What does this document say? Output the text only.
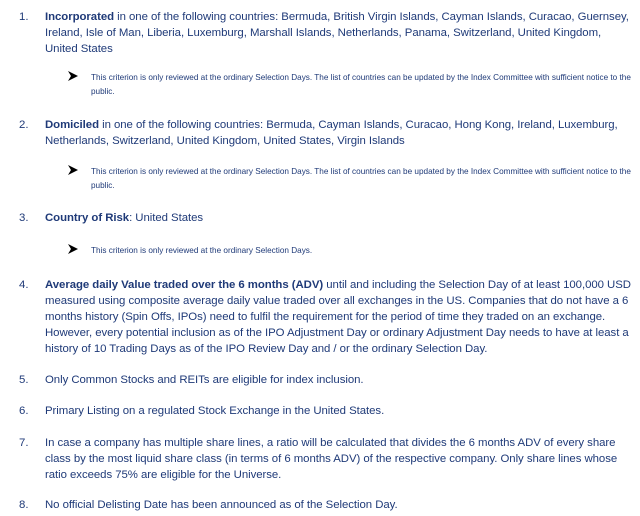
1. Incorporated in one of the following countries: Bermuda, British Virgin Islands, Cayman Islands, Curacao, Guernsey, Ireland, Isle of Man, Liberia, Luxemburg, Marshall Islands, Netherlands, Panama, Switzerland, United Kingdom, United States
This criterion is only reviewed at the ordinary Selection Days. The list of countries can be updated by the Index Committee with sufficient notice to the public.
2. Domiciled in one of the following countries: Bermuda, Cayman Islands, Curacao, Hong Kong, Ireland, Luxemburg, Netherlands, Switzerland, United Kingdom, United States, Virgin Islands
This criterion is only reviewed at the ordinary Selection Days. The list of countries can be updated by the Index Committee with sufficient notice to the public.
3. Country of Risk: United States
This criterion is only reviewed at the ordinary Selection Days.
4. Average daily Value traded over the 6 months (ADV) until and including the Selection Day of at least 100,000 USD measured using composite average daily value traded over all exchanges in the US. Companies that do not have a 6 months history (Spin Offs, IPOs) need to fulfil the requirement for the period of time they traded on an exchange. However, every potential inclusion as of the IPO Adjustment Day or ordinary Adjustment Day needs to have at least a history of 10 Trading Days as of the IPO Review Day and / or the ordinary Selection Day.
5. Only Common Stocks and REITs are eligible for index inclusion.
6. Primary Listing on a regulated Stock Exchange in the United States.
7. In case a company has multiple share lines, a ratio will be calculated that divides the 6 months ADV of every share class by the most liquid share class (in terms of 6 months ADV) of the respective company. Only share lines whose ratio exceeds 75% are eligible for the Universe.
8. No official Delisting Date has been announced as of the Selection Day.
